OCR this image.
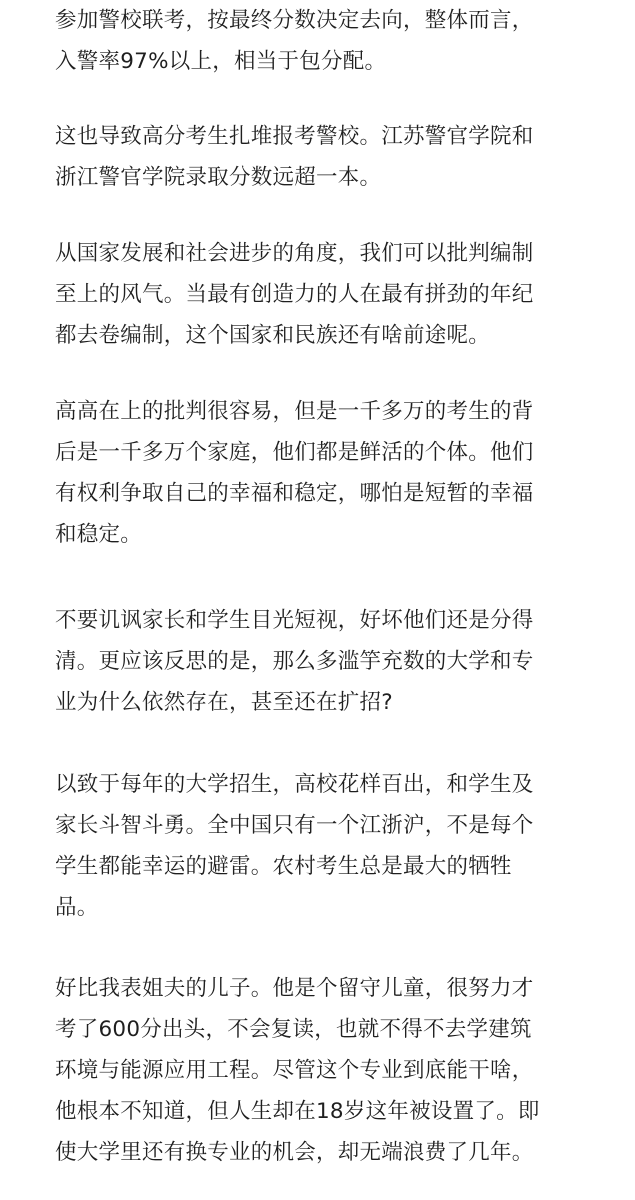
参加警校联考，按最终分数决定去向，整体而言，
入警率97%以上，相当于包分配。

这也导致高分考生扎堆报考警校。江苏警官学院和
浙江警官学院录取分数远超一本。

从国家发展和社会进步的角度，我们可以批判编制
至上的风气。当最有创造力的人在最有拼劲的年纪
都去卷编制，这个国家和民族还有啥前途呢。

高高在上的批判很容易，但是一千多万的考生的背
后是一千多万个家庭，他们都是鲜活的个体。他们
有权利争取自己的幸福和稳定，哪怕是短暂的幸福
和稳定。

不要讥讽家长和学生目光短视，好坏他们还是分得
清。更应该反思的是，那么多滥竽充数的大学和专
业为什么依然存在，甚至还在扩招?

以致于每年的大学招生，高校花样百出，和学生及
家长斗智斗勇。全中国只有一个江浙沪，不是每个
学生都能幸运的避雷。农村考生总是最大的牺牲
品。

好比我表姐夫的儿子。他是个留守儿童，很努力才
考了600分出头，不会复读，也就不得不去学建筑
环境与能源应用工程。尽管这个专业到底能干啥，
他根本不知道，但人生却在18岁这年被设置了。即
使大学里还有换专业的机会，却无端浪费了几年。
